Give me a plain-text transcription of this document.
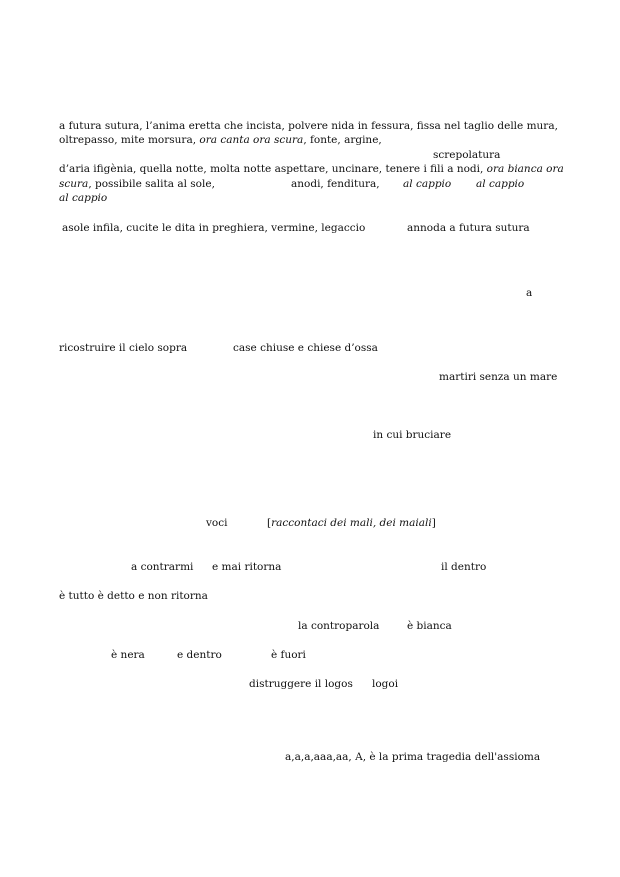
a futura sutura, l’anima eretta che incista, polvere nida in fessura, fissa nel taglio delle mura,
oltrepasso, mite morsura, ora canta ora scura, fonte, argine,
screpolatura
d’aria ifigènia, quella notte, molta notte aspettare, uncinare, tenere i fili a nodi, ora bianca ora
scura, possibile salita al sole,	anodi, fenditura, al cappio al cappio
al cappio
asole infila, cucite le dita in preghiera, vermine, legaccio	annoda a futura sutura
a
ricostruire il cielo sopra	case chiuse e chiese d’ossa
martiri senza un mare
in cui bruciare
voci	[raccontaci dei mali, dei maiali]
a contrarmi e mai ritorna	il dentro
è tutto è detto e non ritorna
la controparola	è bianca
è nera	e dentro	è fuori
distruggere il logos logoi
a,a,a,aaa,aa, A, è la prima tragedia dell'assioma
